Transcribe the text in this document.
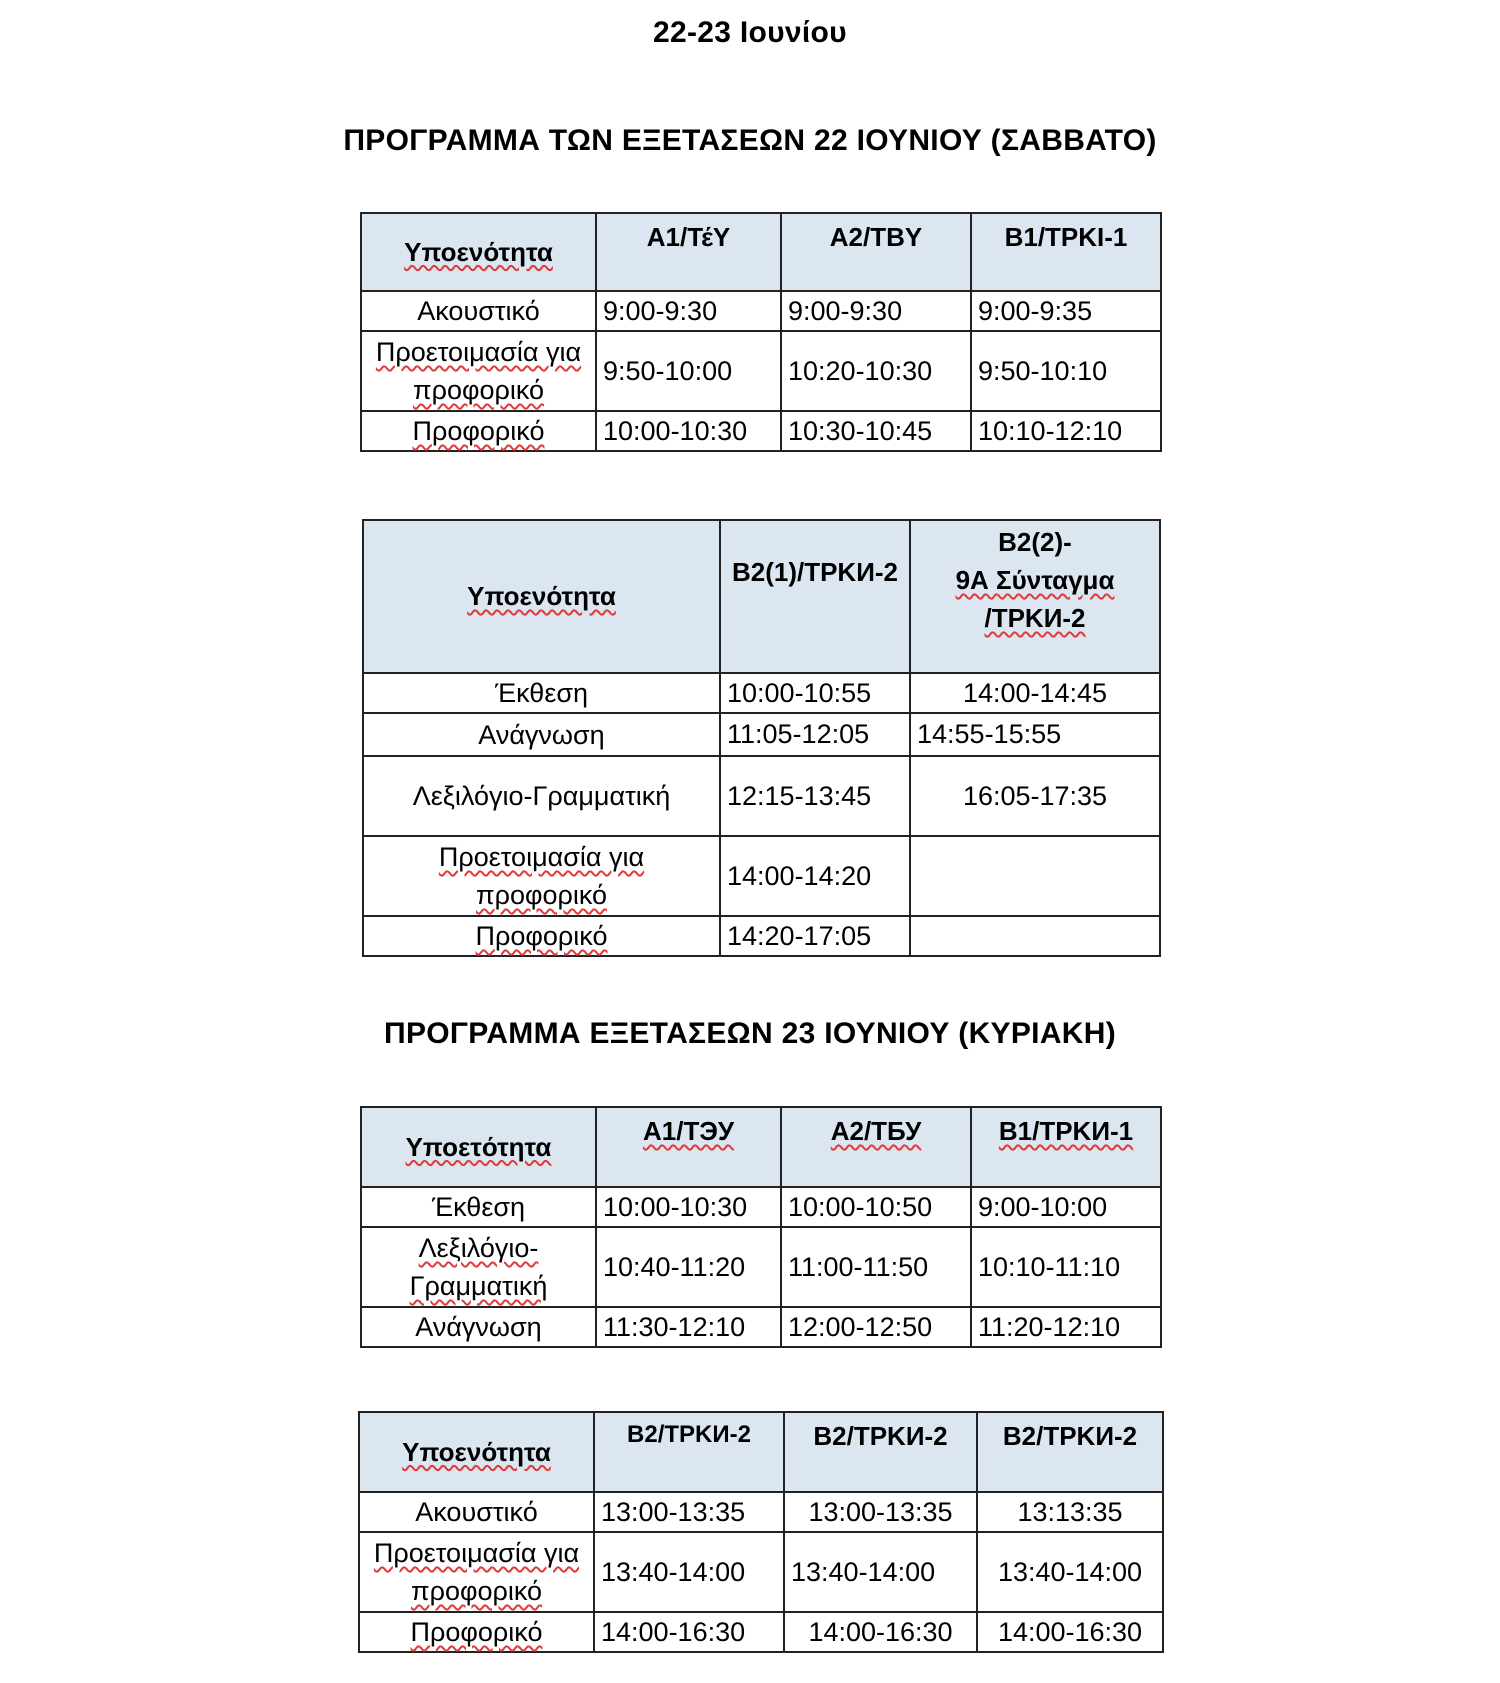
22-23 Ιουνίου
ΠΡΟΓΡΑΜΜΑ ΤΩΝ ΕΞΕΤΑΣΕΩΝ 22 ΙΟΥΝΙΟΥ (ΣΑΒΒΑΤΟ)
Υποενότητα	Α1/ΤέΥ	Α2/ΤΒΥ	Β1/ΤΡΚΙ-1
Ακουστικό	9:00-9:30	9:00-9:30	9:00-9:35
Προετοιμασία για προφορικό	9:50-10:00	10:20-10:30	9:50-10:10
Προφορικό	10:00-10:30	10:30-10:45	10:10-12:10
Υποενότητα	Β2(1)/ΤΡΚИ-2	Β2(2)-
9Α Σύνταγμα
/ΤΡΚИ-2

Έκθεση	10:00-10:55	14:00-14:45
Ανάγνωση	11:05-12:05	14:55-15:55
Λεξιλόγιο-Γραμματική	12:15-13:45	16:05-17:35
Προετοιμασία για προφορικό	14:00-14:20	
Προφορικό	14:20-17:05	
ΠΡΟΓΡΑΜΜΑ ΕΞΕΤΑΣΕΩΝ 23 ΙΟΥΝΙΟΥ (ΚΥΡΙΑΚΗ)
Υποετότητα	Α1/ΤЭУ	Α2/ΤБУ	Β1/ΤΡΚИ-1
Έκθεση	10:00-10:30	10:00-10:50	9:00-10:00
Λεξιλόγιο-Γραμματική	10:40-11:20	11:00-11:50	10:10-11:10
Ανάγνωση	11:30-12:10	12:00-12:50	11:20-12:10
Υποενότητα	Β2/ΤΡΚИ-2	Β2/ΤΡΚИ-2	Β2/ΤΡΚИ-2
Ακουστικό	13:00-13:35	13:00-13:35	13:13:35
Προετοιμασία για προφορικό	13:40-14:00	13:40-14:00	13:40-14:00
Προφορικό	14:00-16:30	14:00-16:30	14:00-16:30
